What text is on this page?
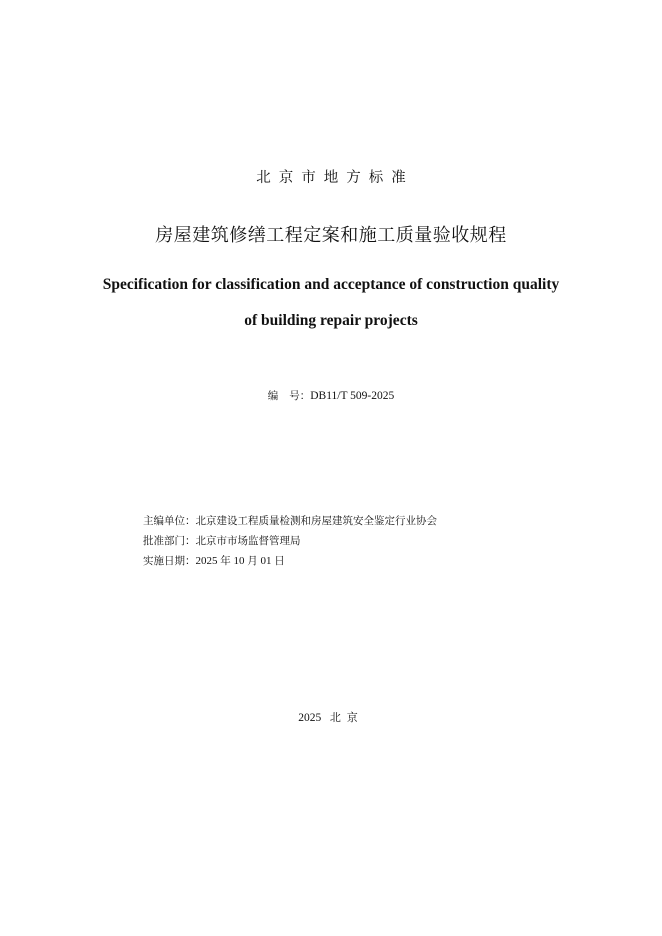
北京市地方标准
房屋建筑修缮工程定案和施工质量验收规程
Specification for classification and acceptance of construction quality
of building repair projects
编号：DB11/T 509-2025
主编单位：北京建设工程质量检测和房屋建筑安全鉴定行业协会
批准部门：北京市市场监督管理局
实施日期：2025 年 10 月 01 日
2025 北京
